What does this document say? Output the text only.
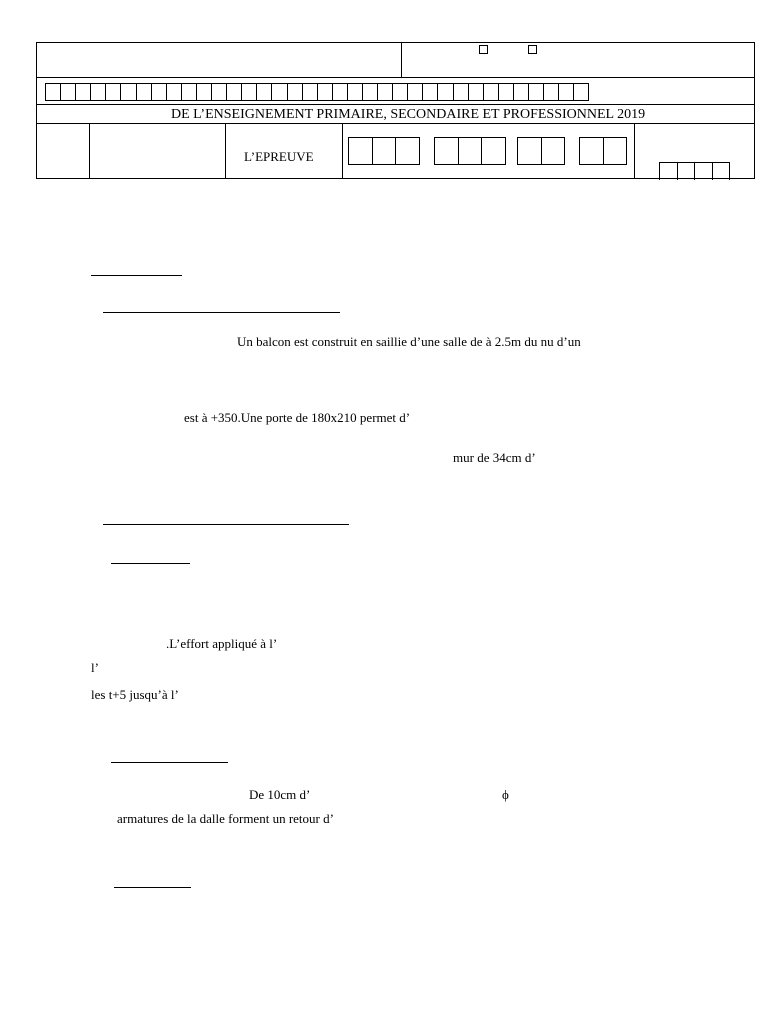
DE L’ENSEIGNEMENT PRIMAIRE, SECONDAIRE ET PROFESSIONNEL 2019
L’EPREUVE
Un balcon est construit en saillie d’une salle de à 2.5m du nu d’un
est à +350.Une porte de 180x210 permet d’
mur de 34cm d’
.L’effort appliqué à l’
l’
les t+5 jusqu’à l’
De 10cm d’	ϕ
armatures de la dalle forment un retour d’
